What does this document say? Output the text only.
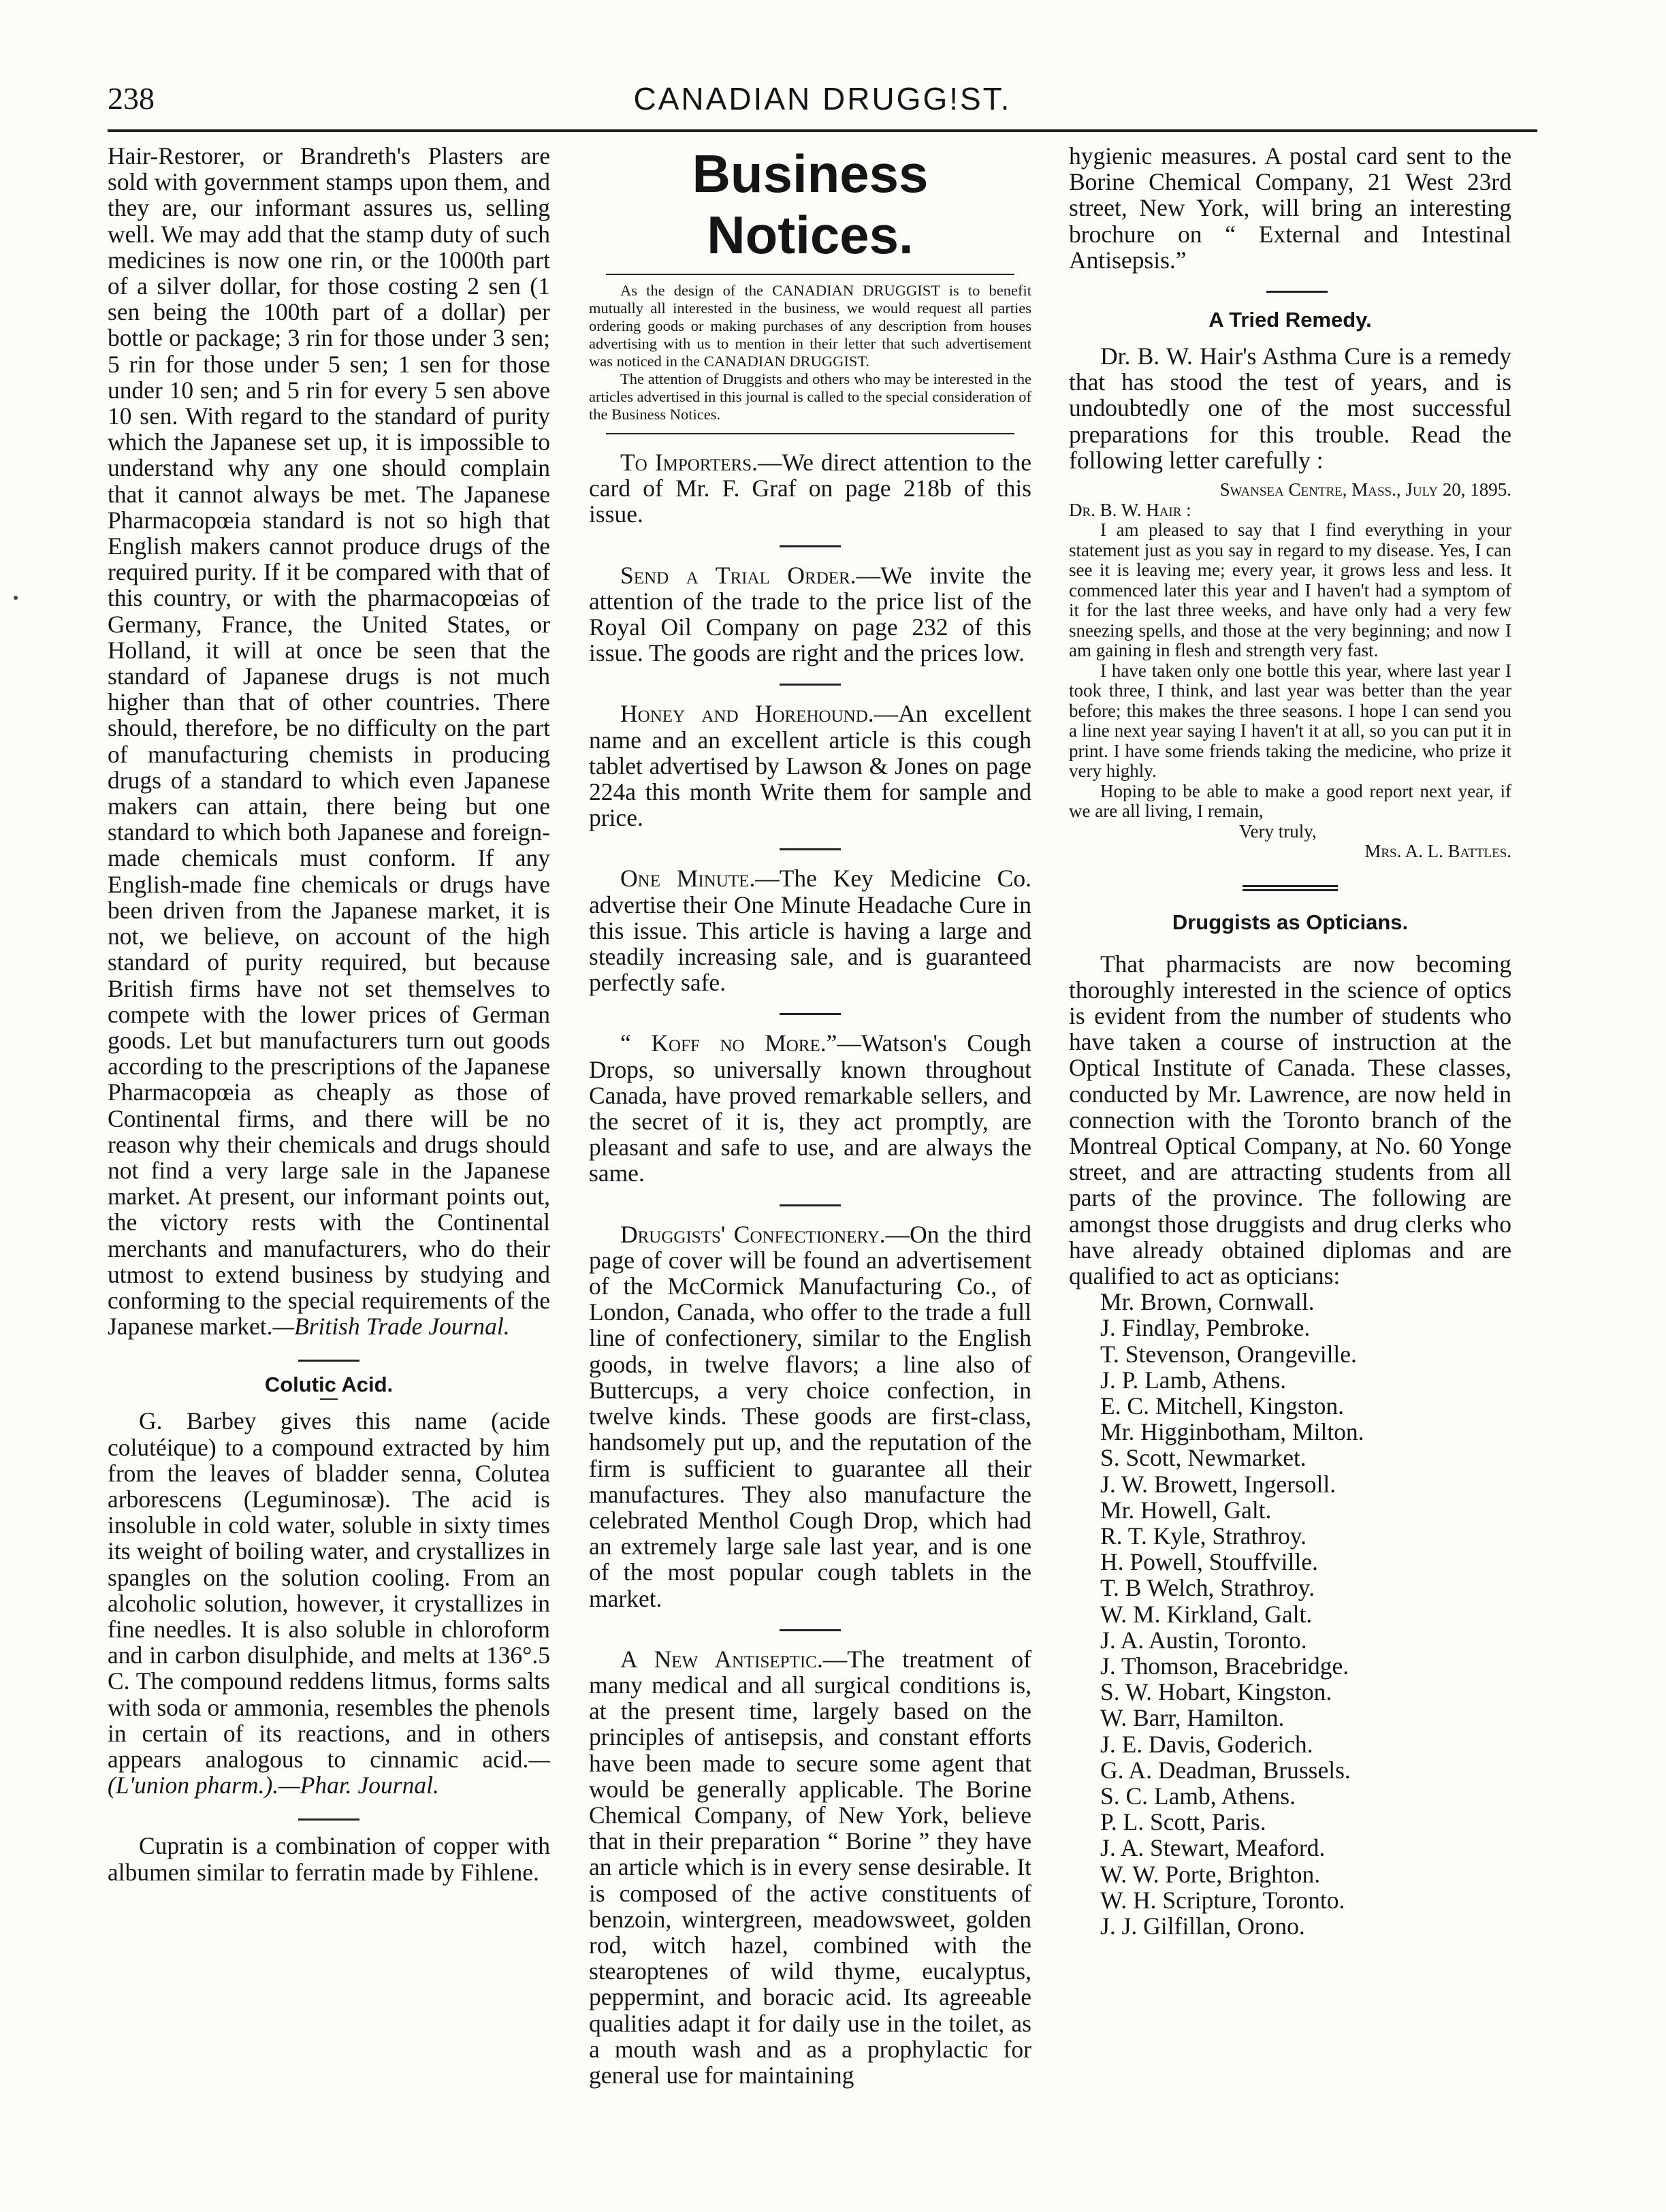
238	CANADIAN DRUGG!ST.

Hair-Restorer, or Brandreth's Plasters are sold with government stamps upon them, and they are, our informant assures us, selling well. We may add that the stamp duty of such medicines is now one rin, or the 1000th part of a silver dollar, for those costing 2 sen (1 sen being the 100th part of a dollar) per bottle or package; 3 rin for those under 3 sen; 5 rin for those under 5 sen; 1 sen for those under 10 sen; and 5 rin for every 5 sen above 10 sen. With regard to the standard of purity which the Japanese set up, it is impossible to understand why any one should complain that it cannot always be met. The Japanese Pharmacopœia standard is not so high that English makers cannot produce drugs of the required purity. If it be compared with that of this country, or with the pharmacopœias of Germany, France, the United States, or Holland, it will at once be seen that the standard of Japanese drugs is not much higher than that of other countries. There should, therefore, be no difficulty on the part of manufacturing chemists in producing drugs of a standard to which even Japanese makers can attain, there being but one standard to which both Japanese and foreign-made chemicals must conform. If any English-made fine chemicals or drugs have been driven from the Japanese market, it is not, we believe, on account of the high standard of purity required, but because British firms have not set themselves to compete with the lower prices of German goods. Let but manufacturers turn out goods according to the prescriptions of the Japanese Pharmacopœia as cheaply as those of Continental firms, and there will be no reason why their chemicals and drugs should not find a very large sale in the Japanese market. At present, our informant points out, the victory rests with the Continental merchants and manufacturers, who do their utmost to extend business by studying and conforming to the special requirements of the Japanese market.—British Trade Journal.

Colutic Acid.

G. Barbey gives this name (acide colutéique) to a compound extracted by him from the leaves of bladder senna, Colutea arborescens (Leguminosæ). The acid is insoluble in cold water, soluble in sixty times its weight of boiling water, and crystallizes in spangles on the solution cooling. From an alcoholic solution, however, it crystallizes in fine needles. It is also soluble in chloroform and in carbon disulphide, and melts at 136°.5 C. The compound reddens litmus, forms salts with soda or ammonia, resembles the phenols in certain of its reactions, and in others appears analogous to cinnamic acid.—(L'union pharm.).—Phar. Journal.

Cupratin is a combination of copper with albumen similar to ferratin made by Fihlene.

Business Notices.

As the design of the CANADIAN DRUGGIST is to benefit mutually all interested in the business, we would request all parties ordering goods or making purchases of any description from houses advertising with us to mention in their letter that such advertisement was noticed in the CANADIAN DRUGGIST.

The attention of Druggists and others who may be interested in the articles advertised in this journal is called to the special consideration of the Business Notices.

To Importers.—We direct attention to the card of Mr. F. Graf on page 218b of this issue.

Send a Trial Order.—We invite the attention of the trade to the price list of the Royal Oil Company on page 232 of this issue. The goods are right and the prices low.

Honey and Horehound.—An excellent name and an excellent article is this cough tablet advertised by Lawson & Jones on page 224a this month Write them for sample and price.

One Minute.—The Key Medicine Co. advertise their One Minute Headache Cure in this issue. This article is having a large and steadily increasing sale, and is guaranteed perfectly safe.

“ Koff no More.”—Watson's Cough Drops, so universally known throughout Canada, have proved remarkable sellers, and the secret of it is, they act promptly, are pleasant and safe to use, and are always the same.

Druggists' Confectionery.—On the third page of cover will be found an advertisement of the McCormick Manufacturing Co., of London, Canada, who offer to the trade a full line of confectionery, similar to the English goods, in twelve flavors; a line also of Buttercups, a very choice confection, in twelve kinds. These goods are first-class, handsomely put up, and the reputation of the firm is sufficient to guarantee all their manufactures. They also manufacture the celebrated Menthol Cough Drop, which had an extremely large sale last year, and is one of the most popular cough tablets in the market.

A New Antiseptic.—The treatment of many medical and all surgical conditions is, at the present time, largely based on the principles of antisepsis, and constant efforts have been made to secure some agent that would be generally applicable. The Borine Chemical Company, of New York, believe that in their preparation “ Borine ” they have an article which is in every sense desirable. It is composed of the active constituents of benzoin, wintergreen, meadowsweet, golden rod, witch hazel, combined with the stearoptenes of wild thyme, eucalyptus, peppermint, and boracic acid. Its agreeable qualities adapt it for daily use in the toilet, as a mouth wash and as a prophylactic for general use for maintaining

hygienic measures. A postal card sent to the Borine Chemical Company, 21 West 23rd street, New York, will bring an interesting brochure on “ External and Intestinal Antisepsis.”

A Tried Remedy.

Dr. B. W. Hair's Asthma Cure is a remedy that has stood the test of years, and is undoubtedly one of the most successful preparations for this trouble. Read the following letter carefully :

Swansea Centre, Mass., July 20, 1895.

Dr. B. W. Hair :

I am pleased to say that I find everything in your statement just as you say in regard to my disease. Yes, I can see it is leaving me; every year, it grows less and less. It commenced later this year and I haven't had a symptom of it for the last three weeks, and have only had a very few sneezing spells, and those at the very beginning; and now I am gaining in flesh and strength very fast.

I have taken only one bottle this year, where last year I took three, I think, and last year was better than the year before; this makes the three seasons. I hope I can send you a line next year saying I haven't it at all, so you can put it in print. I have some friends taking the medicine, who prize it very highly.

Hoping to be able to make a good report next year, if we are all living, I remain,

Very truly,

Mrs. A. L. Battles.

Druggists as Opticians.

That pharmacists are now becoming thoroughly interested in the science of optics is evident from the number of students who have taken a course of instruction at the Optical Institute of Canada. These classes, conducted by Mr. Lawrence, are now held in connection with the Toronto branch of the Montreal Optical Company, at No. 60 Yonge street, and are attracting students from all parts of the province. The following are amongst those druggists and drug clerks who have already obtained diplomas and are qualified to act as opticians:

Mr. Brown, Cornwall.
J. Findlay, Pembroke.
T. Stevenson, Orangeville.
J. P. Lamb, Athens.
E. C. Mitchell, Kingston.
Mr. Higginbotham, Milton.
S. Scott, Newmarket.
J. W. Browett, Ingersoll.
Mr. Howell, Galt.
R. T. Kyle, Strathroy.
H. Powell, Stouffville.
T. B Welch, Strathroy.
W. M. Kirkland, Galt.
J. A. Austin, Toronto.
J. Thomson, Bracebridge.
S. W. Hobart, Kingston.
W. Barr, Hamilton.
J. E. Davis, Goderich.
G. A. Deadman, Brussels.
S. C. Lamb, Athens.
P. L. Scott, Paris.
J. A. Stewart, Meaford.
W. W. Porte, Brighton.
W. H. Scripture, Toronto.
J. J. Gilfillan, Orono.
